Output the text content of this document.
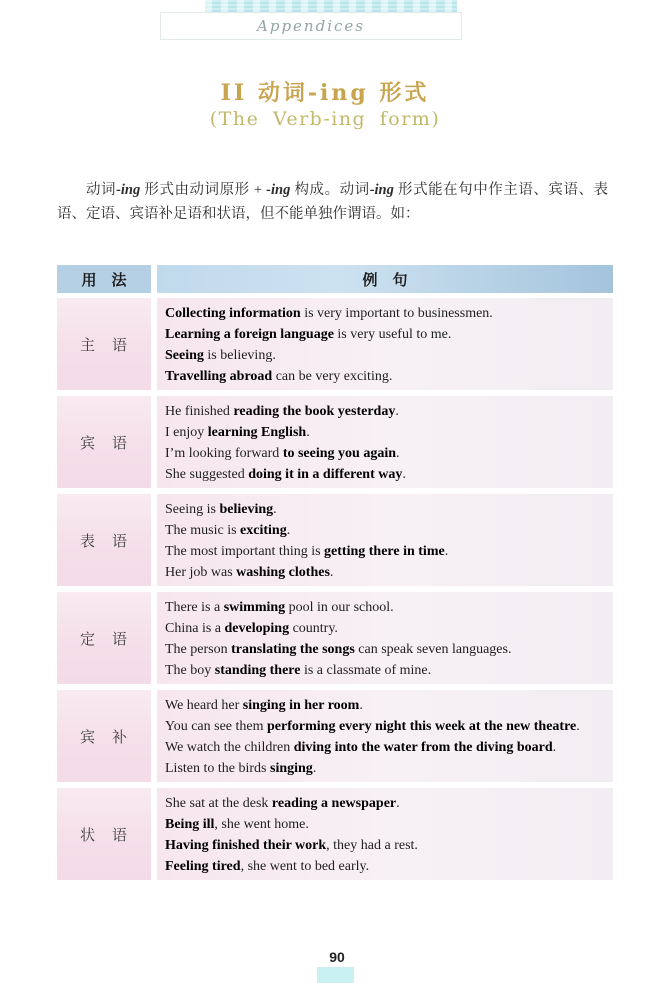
Appendices
II 动词-ing 形式
(The Verb-ing form)

动词-ing 形式由动词原形 + -ing 构成。动词-ing 形式能在句中作主语、宾语、表语、定语、宾语补足语和状语，但不能单独作谓语。如：

用　法	例　句
主　语
Collecting information is very important to businessmen.
Learning a foreign language is very useful to me.
Seeing is believing.
Travelling abroad can be very exciting.
宾　语
He finished reading the book yesterday.
I enjoy learning English.
I’m looking forward to seeing you again.
She suggested doing it in a different way.
表　语
Seeing is believing.
The music is exciting.
The most important thing is getting there in time.
Her job was washing clothes.
定　语
There is a swimming pool in our school.
China is a developing country.
The person translating the songs can speak seven languages.
The boy standing there is a classmate of mine.
宾　补
We heard her singing in her room.
You can see them performing every night this week at the new theatre.
We watch the children diving into the water from the diving board.
Listen to the birds singing.
状　语
She sat at the desk reading a newspaper.
Being ill, she went home.
Having finished their work, they had a rest.
Feeling tired, she went to bed early.
90
